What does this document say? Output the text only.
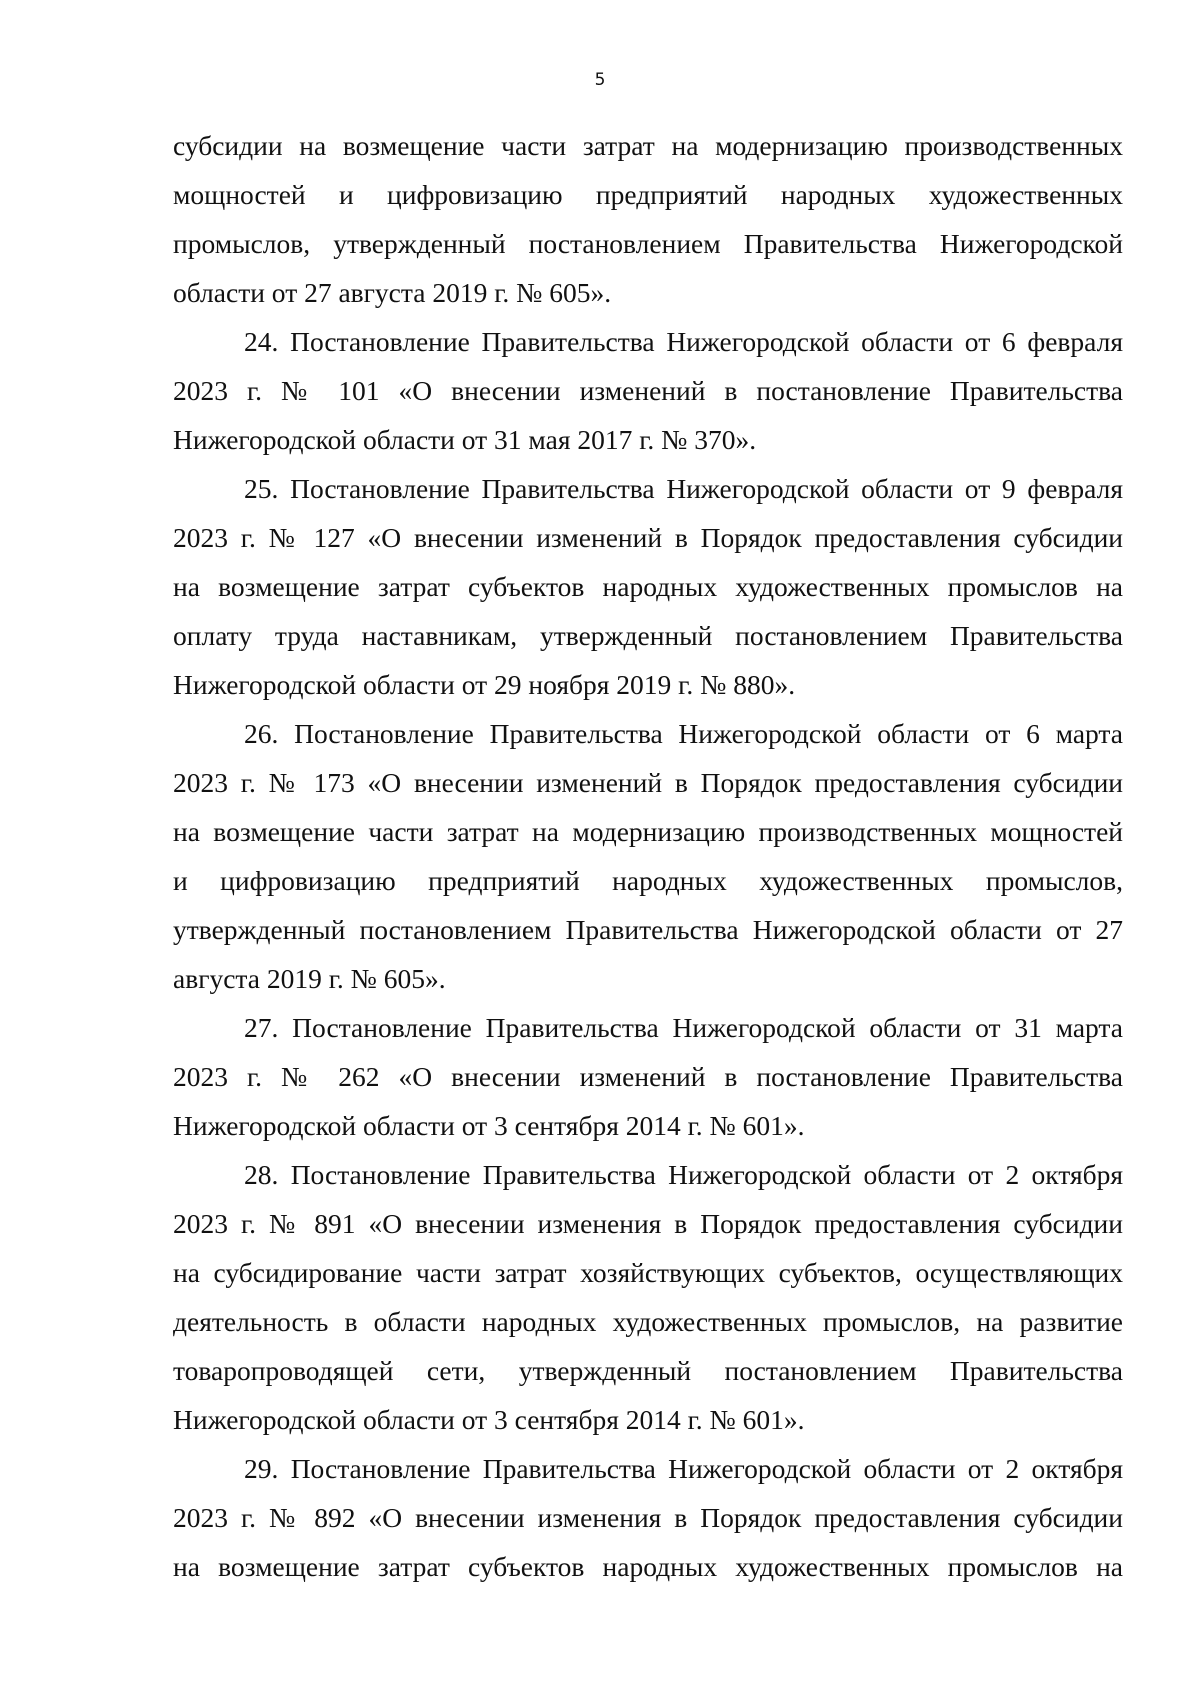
5
субсидии на возмещение части затрат на модернизацию производственных
мощностей и цифровизацию предприятий народных художественных
промыслов, утвержденный постановлением Правительства Нижегородской
области от 27 августа 2019 г. № 605».
24. Постановление Правительства Нижегородской области от 6 февраля
2023 г. № 101 «О внесении изменений в постановление Правительства
Нижегородской области от 31 мая 2017 г. № 370».
25. Постановление Правительства Нижегородской области от 9 февраля
2023 г. № 127 «О внесении изменений в Порядок предоставления субсидии
на возмещение затрат субъектов народных художественных промыслов на
оплату труда наставникам, утвержденный постановлением Правительства
Нижегородской области от 29 ноября 2019 г. № 880».
26. Постановление Правительства Нижегородской области от 6 марта
2023 г. № 173 «О внесении изменений в Порядок предоставления субсидии
на возмещение части затрат на модернизацию производственных мощностей
и цифровизацию предприятий народных художественных промыслов,
утвержденный постановлением Правительства Нижегородской области от 27
августа 2019 г. № 605».
27. Постановление Правительства Нижегородской области от 31 марта
2023 г. № 262 «О внесении изменений в постановление Правительства
Нижегородской области от 3 сентября 2014 г. № 601».
28. Постановление Правительства Нижегородской области от 2 октября
2023 г. № 891 «О внесении изменения в Порядок предоставления субсидии
на субсидирование части затрат хозяйствующих субъектов, осуществляющих
деятельность в области народных художественных промыслов, на развитие
товаропроводящей сети, утвержденный постановлением Правительства
Нижегородской области от 3 сентября 2014 г. № 601».
29. Постановление Правительства Нижегородской области от 2 октября
2023 г. № 892 «О внесении изменения в Порядок предоставления субсидии
на возмещение затрат субъектов народных художественных промыслов на
